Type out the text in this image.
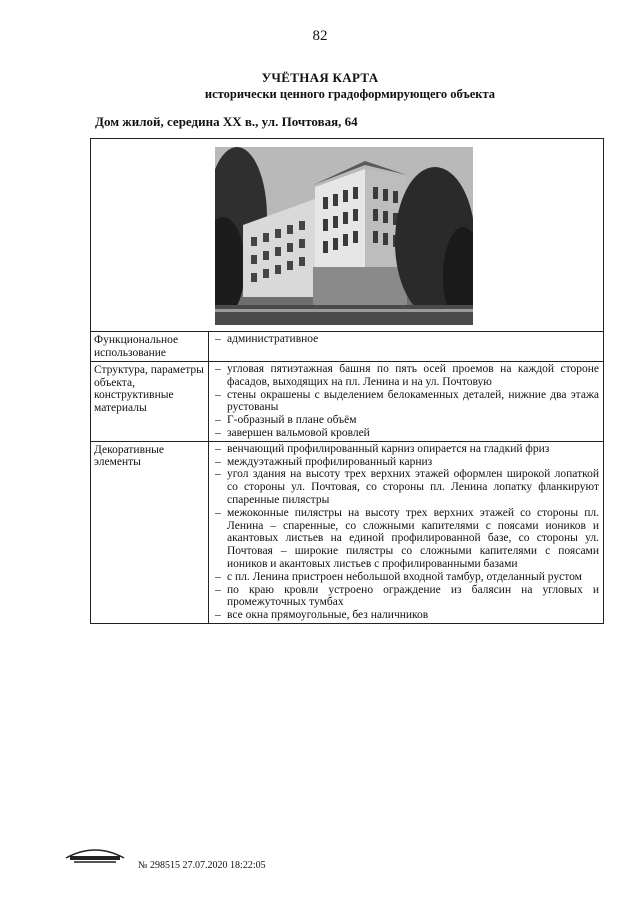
82
УЧЁТНАЯ КАРТА
исторически ценного градоформирующего объекта
Дом жилой, середина ХХ в., ул. Почтовая, 64
Функциональное использование
– административное
Структура, параметры объекта, конструктивные материалы
– угловая пятиэтажная башня по пять осей проемов на каждой стороне фасадов, выходящих на пл. Ленина и на ул. Почтовую
– стены окрашены с выделением белокаменных деталей, нижние два этажа рустованы
– Г-образный в плане объём
– завершен вальмовой кровлей
Декоративные элементы
– венчающий профилированный карниз опирается на гладкий фриз
– междуэтажный профилированный карниз
– угол здания на высоту трех верхних этажей оформлен широкой лопаткой со стороны ул. Почтовая, со стороны пл. Ленина лопатку фланкируют спаренные пилястры
– межоконные пилястры на высоту трех верхних этажей со стороны пл. Ленина – спаренные, со сложными капителями с поясами иоников и акантовых листьев на единой профилированной базе, со стороны ул. Почтовая – широкие пилястры со сложными капителями с поясами иоников и акантовых листьев с профилированными базами
– с пл. Ленина пристроен небольшой входной тамбур, отделанный рустом
– по краю кровли устроено ограждение из балясин на угловых и промежуточных тумбах
– все окна прямоугольные, без наличников
№ 298515 27.07.2020 18:22:05
